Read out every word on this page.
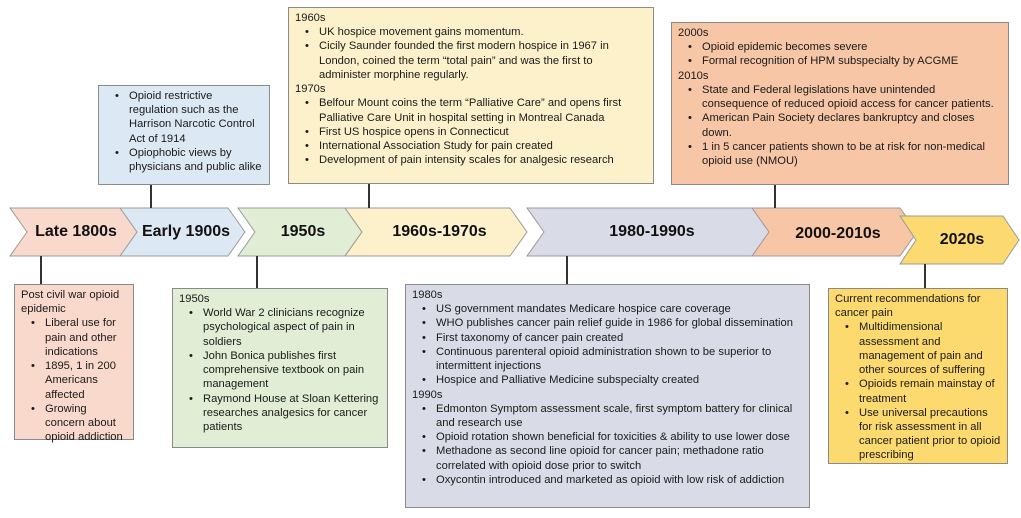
Late 1800s	Early 1900s	1950s	1960s-1970s	1980-1990s	2000-2010s	2020s
Post civil war opioid epidemic
• Liberal use for pain and other indications
• 1895, 1 in 200 Americans affected
• Growing concern about opioid addiction
• Opioid restrictive regulation such as the Harrison Narcotic Control Act of 1914
• Opiophobic views by physicians and public alike
1950s
• World War 2 clinicians recognize psychological aspect of pain in soldiers
• John Bonica publishes first comprehensive textbook on pain management
• Raymond House at Sloan Kettering researches analgesics for cancer patients
1960s
• UK hospice movement gains momentum.
• Cicily Saunder founded the first modern hospice in 1967 in London, coined the term “total pain” and was the first to administer morphine regularly.
1970s
• Belfour Mount coins the term “Palliative Care” and opens first Palliative Care Unit in hospital setting in Montreal Canada
• First US hospice opens in Connecticut
• International Association Study for pain created
• Development of pain intensity scales for analgesic research
1980s
• US government mandates Medicare hospice care coverage
• WHO publishes cancer pain relief guide in 1986 for global dissemination
• First taxonomy of cancer pain created
• Continuous parenteral opioid administration shown to be superior to intermittent injections
• Hospice and Palliative Medicine subspecialty created
1990s
• Edmonton Symptom assessment scale, first symptom battery for clinical and research use
• Opioid rotation shown beneficial for toxicities & ability to use lower dose
• Methadone as second line opioid for cancer pain; methadone ratio correlated with opioid dose prior to switch
• Oxycontin introduced and marketed as opioid with low risk of addiction
2000s
• Opioid epidemic becomes severe
• Formal recognition of HPM subspecialty by ACGME
2010s
• State and Federal legislations have unintended consequence of reduced opioid access for cancer patients.
• American Pain Society declares bankruptcy and closes down.
• 1 in 5 cancer patients shown to be at risk for non-medical opioid use (NMOU)
Current recommendations for cancer pain
• Multidimensional assessment and management of pain and other sources of suffering
• Opioids remain mainstay of treatment
• Use universal precautions for risk assessment in all cancer patient prior to opioid prescribing
